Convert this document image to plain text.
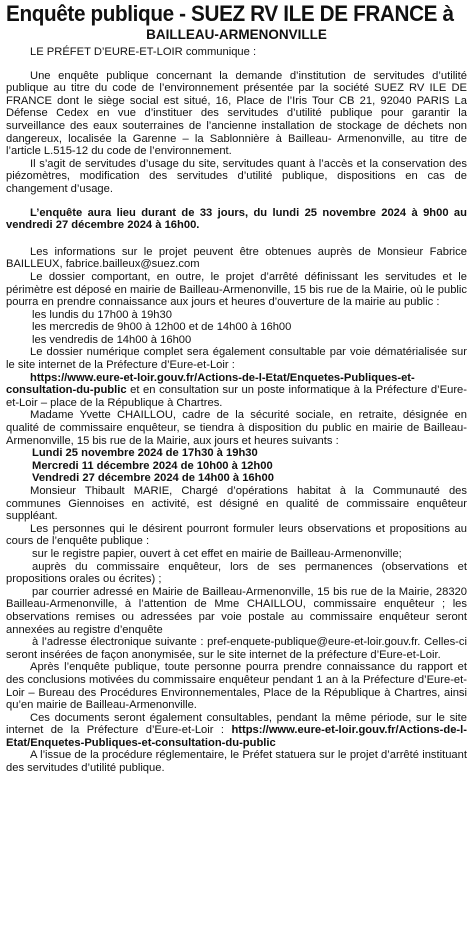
Enquête publique - SUEZ RV ILE DE FRANCE à
BAILLEAU-ARMENONVILLE

LE PRÉFET D’EURE-ET-LOIR communique :

Une enquête publique concernant la demande d’institution de servitudes d’utilité publique au titre du code de l’environnement présentée par la société SUEZ RV ILE DE FRANCE dont le siège social est situé, 16, Place de l’Iris Tour CB 21, 92040 PARIS La Défense Cedex en vue d’instituer des servitudes d’utilité publique pour garantir la surveillance des eaux souterraines de l’ancienne installation de stockage de déchets non dangereux, localisée la Garenne – la Sablonnière à Bailleau- Armenonville, au titre de l’article L.515-12 du code de l’environnement.

Il s’agit de servitudes d’usage du site, servitudes quant à l’accès et la conservation des piézomètres, modification des servitudes d’utilité publique, dispositions en cas de changement d’usage.

L’enquête aura lieu durant de 33 jours, du lundi 25 novembre 2024 à 9h00 au vendredi 27 décembre 2024 à 16h00.

Les informations sur le projet peuvent être obtenues auprès de Monsieur Fabrice BAILLEUX, fabrice.bailleux@suez.com

Le dossier comportant, en outre, le projet d’arrêté définissant les servitudes et le périmètre est déposé en mairie de Bailleau-Armenonville, 15 bis rue de la Mairie, où le public pourra en prendre connaissance aux jours et heures d’ouverture de la mairie au public :

les lundis du 17h00 à 19h30

les mercredis de 9h00 à 12h00 et de 14h00 à 16h00

les vendredis de 14h00 à 16h00

Le dossier numérique complet sera également consultable par voie dématérialisée sur le site internet de la Préfecture d’Eure-et-Loir :

https://www.eure-et-loir.gouv.fr/Actions-de-l-Etat/Enquetes-Publiques-et-consultation-du-public et en consultation sur un poste informatique à la Préfecture d’Eure-et-Loir – place de la République à Chartres.

Madame Yvette CHAILLOU, cadre de la sécurité sociale, en retraite, désignée en qualité de commissaire enquêteur, se tiendra à disposition du public en mairie de Bailleau-Armenonville, 15 bis rue de la Mairie, aux jours et heures suivants :

Lundi 25 novembre 2024 de 17h30 à 19h30

Mercredi 11 décembre 2024 de 10h00 à 12h00

Vendredi 27 décembre 2024 de 14h00 à 16h00

Monsieur Thibault MARIE, Chargé d’opérations habitat à la Communauté des communes Giennoises en activité, est désigné en qualité de commissaire enquêteur suppléant.

Les personnes qui le désirent pourront formuler leurs observations et propositions au cours de l’enquête publique :

sur le registre papier, ouvert à cet effet en mairie de Bailleau-Armenonville;

auprès du commissaire enquêteur, lors de ses permanences (observations et propositions orales ou écrites) ;

par courrier adressé en Mairie de Bailleau-Armenonville, 15 bis rue de la Mairie, 28320 Bailleau-Armenonville, à l’attention de Mme CHAILLOU, commissaire enquêteur ; les observations remises ou adressées par voie postale au commissaire enquêteur seront annexées au registre d’enquête

à l’adresse électronique suivante : pref-enquete-publique@eure-et-loir.gouv.fr. Celles-ci seront insérées de façon anonymisée, sur le site internet de la préfecture d’Eure-et-Loir.

Après l’enquête publique, toute personne pourra prendre connaissance du rapport et des conclusions motivées du commissaire enquêteur pendant 1 an à la Préfecture d’Eure-et-Loir – Bureau des Procédures Environnementales, Place de la République à Chartres, ainsi qu’en mairie de Bailleau-Armenonville.

Ces documents seront également consultables, pendant la même période, sur le site internet de la Préfecture d’Eure-et-Loir : https://www.eure-et-loir.gouv.fr/Actions-de-l-Etat/Enquetes-Publiques-et-consultation-du-public

A l’issue de la procédure réglementaire, le Préfet statuera sur le projet d’arrêté instituant des servitudes d’utilité publique.
